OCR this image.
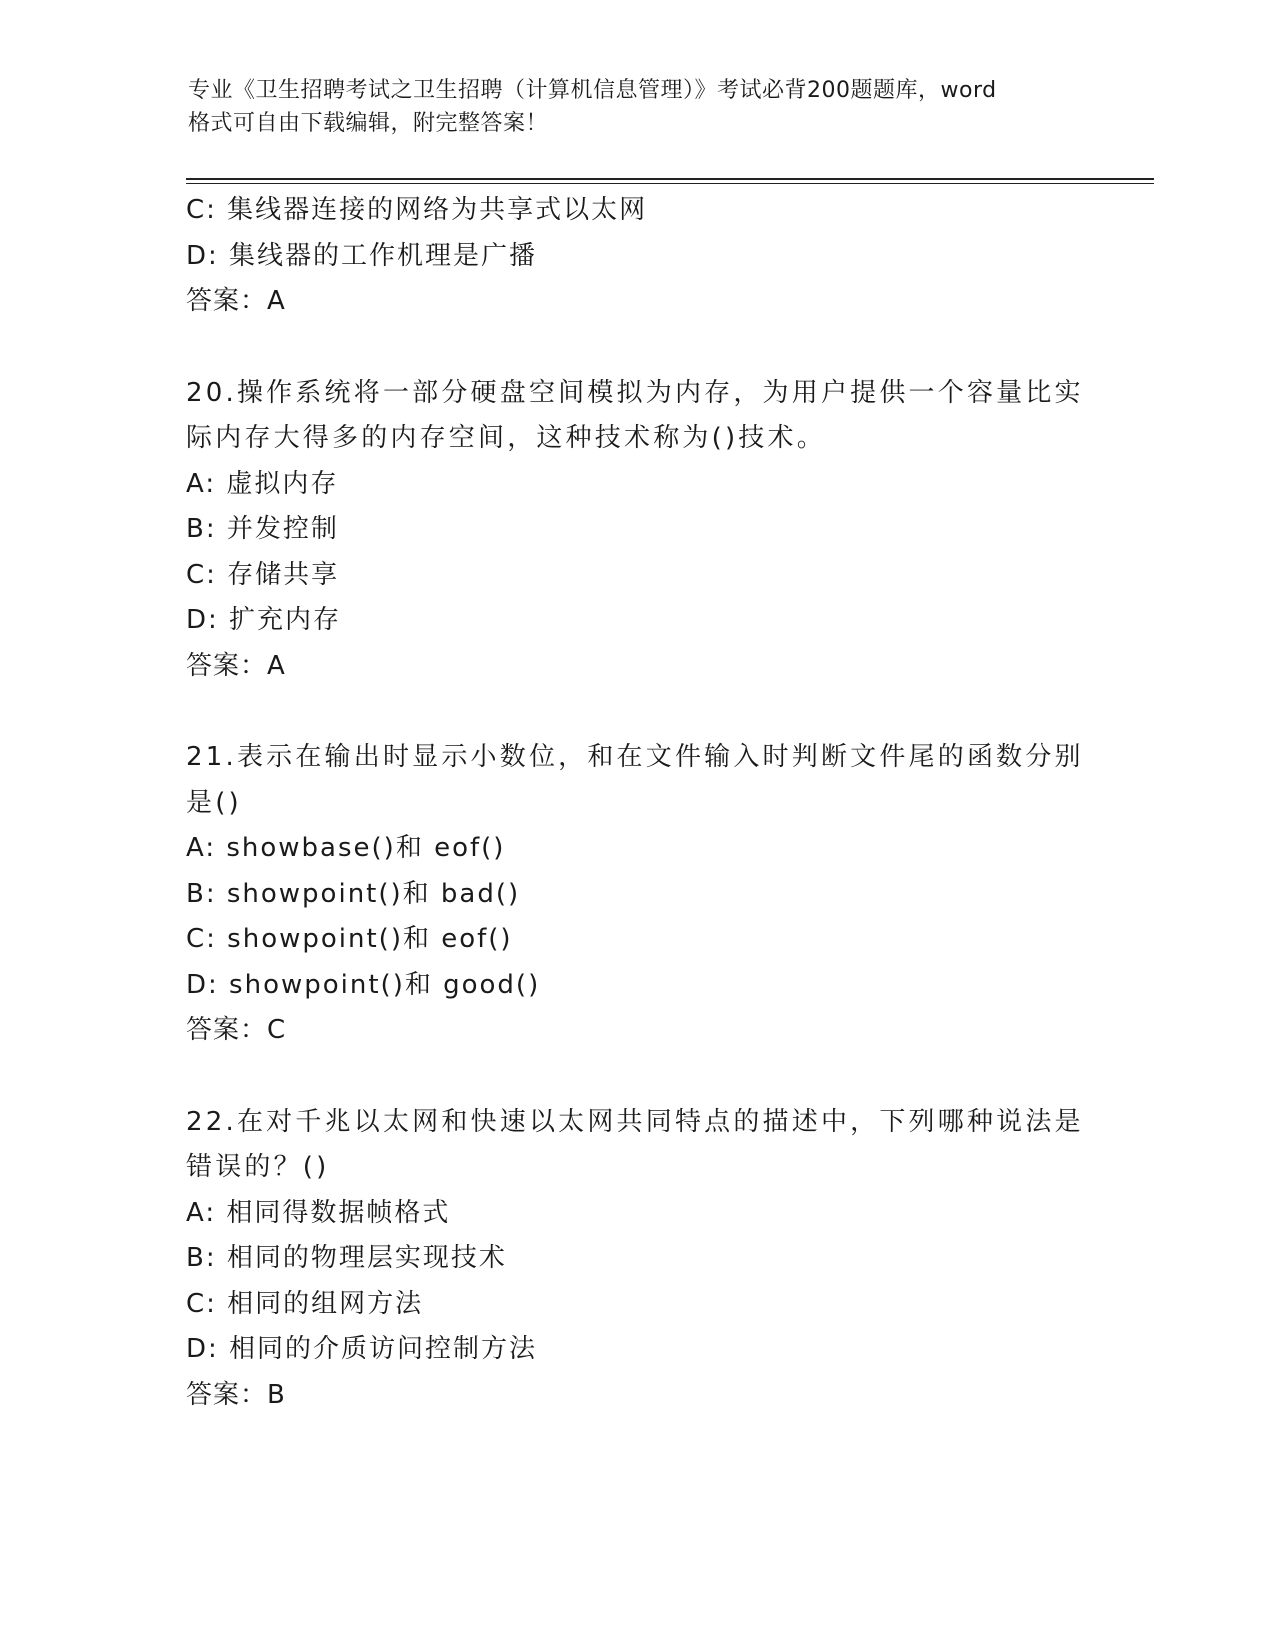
专业《卫生招聘考试之卫生招聘（计算机信息管理）》考试必背200题题库，word
格式可自由下载编辑，附完整答案！
C: 集线器连接的网络为共享式以太网
D: 集线器的工作机理是广播
答案：A
20.操作系统将一部分硬盘空间模拟为内存，为用户提供一个容量比实
际内存大得多的内存空间，这种技术称为()技术。
A: 虚拟内存
B: 并发控制
C: 存储共享
D: 扩充内存
答案：A
21.表示在输出时显示小数位，和在文件输入时判断文件尾的函数分别
是()
A: showbase()和 eof()
B: showpoint()和 bad()
C: showpoint()和 eof()
D: showpoint()和 good()
答案：C
22.在对千兆以太网和快速以太网共同特点的描述中，下列哪种说法是
错误的？()
A: 相同得数据帧格式
B: 相同的物理层实现技术
C: 相同的组网方法
D: 相同的介质访问控制方法
答案：B
